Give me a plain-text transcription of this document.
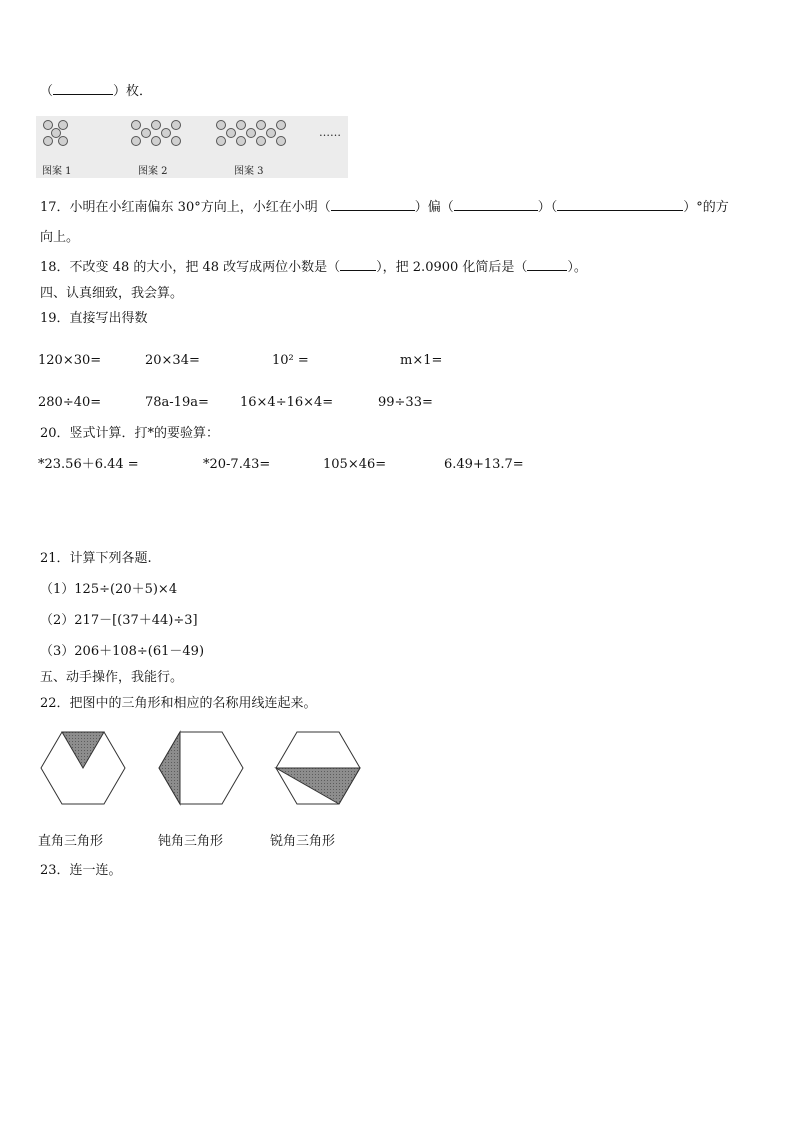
（	）枚．
图案 1	图案 2	图案 3
……
17．小明在小红南偏东 30°方向上，小红在小明（	）偏（	）（	）°的方
向上。
18．不改变 48 的大小，把 48 改写成两位小数是（	），把 2.0900 化简后是（	）。
四、认真细致，我会算。
19．直接写出得数
120×30=	20×34=	10² =	m×1=
280÷40=	78a-19a= 16×4÷16×4=	99÷33=
20．竖式计算．打*的要验算：
*23.56＋6.44 =	*20-7.43=	105×46=	6.49+13.7=
21．计算下列各题.
（1）125÷(20＋5)×4
（2）217－[(37＋44)÷3]
（3）206＋108÷(61－49)
五、动手操作，我能行。
22．把图中的三角形和相应的名称用线连起来。
直角三角形	钝角三角形	锐角三角形
23．连一连。
